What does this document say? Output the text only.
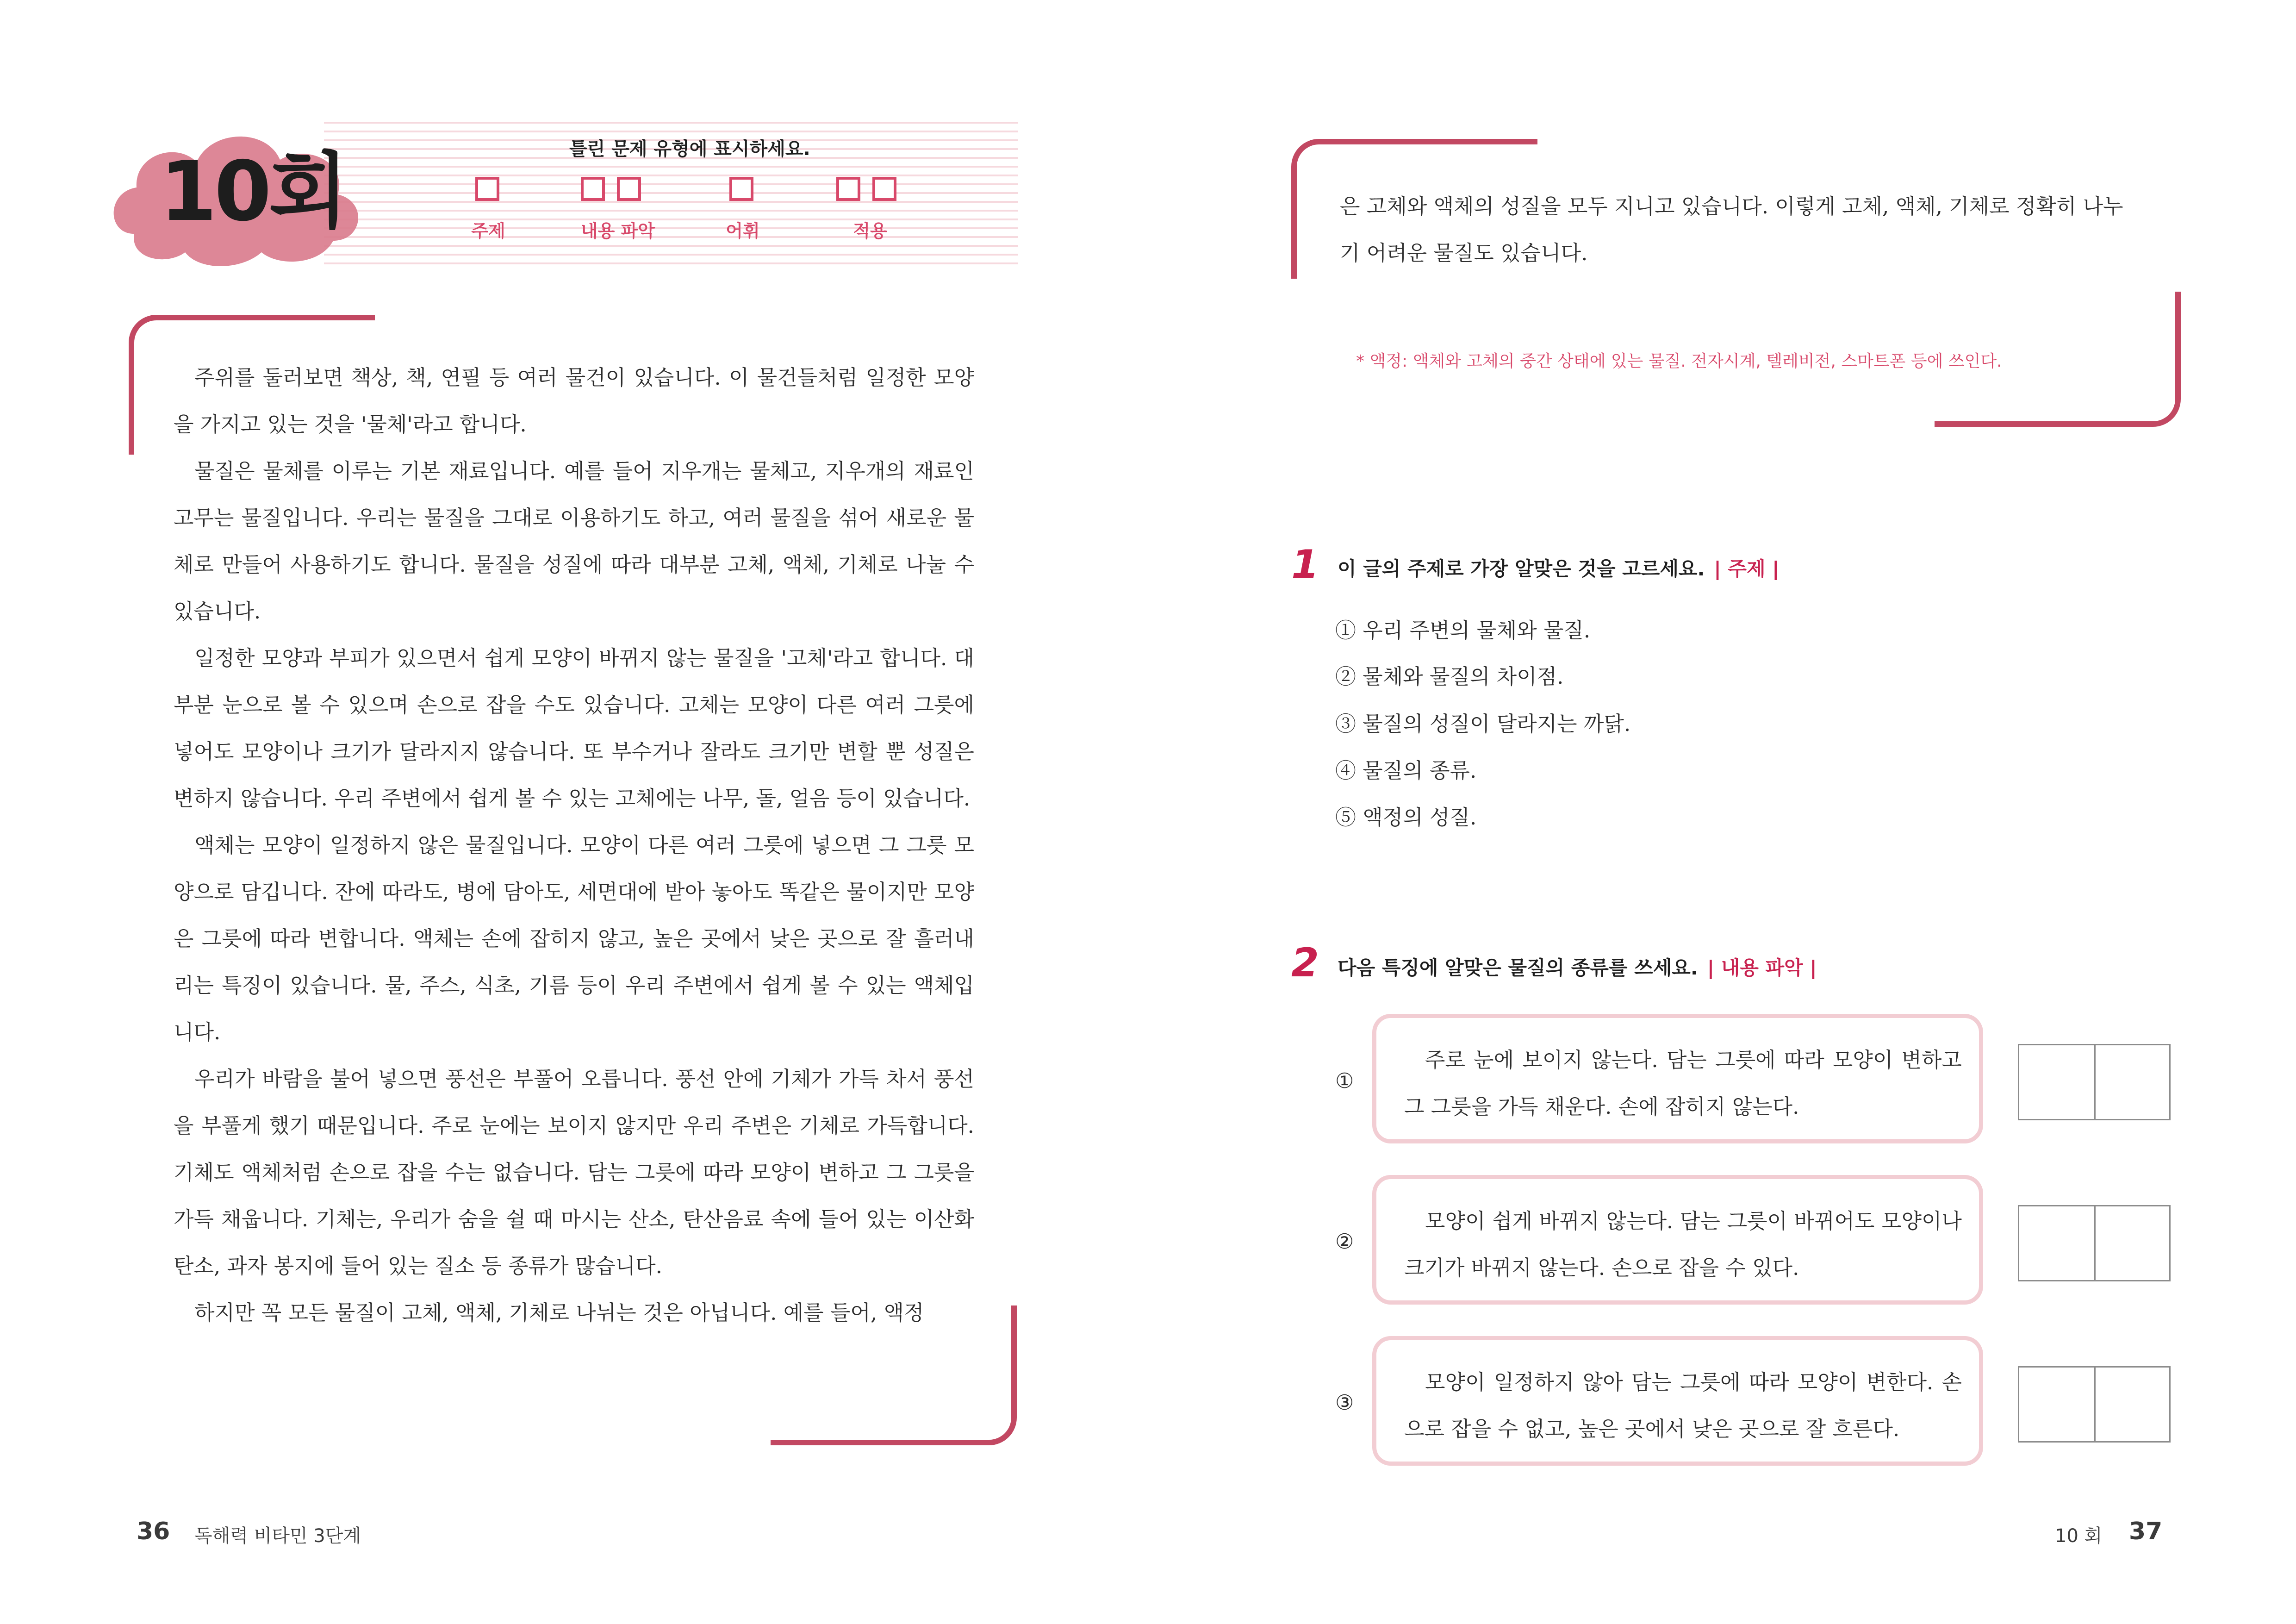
10회	틀린 문제 유형에 표시하세요.
주제	내용 파악	어휘	적용

주위를 둘러보면 책상, 책, 연필 등 여러 물건이 있습니다. 이 물건들처럼 일정한 모양을 가지고 있는 것을 '물체'라고 합니다.

물질은 물체를 이루는 기본 재료입니다. 예를 들어 지우개는 물체고, 지우개의 재료인 고무는 물질입니다. 우리는 물질을 그대로 이용하기도 하고, 여러 물질을 섞어 새로운 물체로 만들어 사용하기도 합니다. 물질을 성질에 따라 대부분 고체, 액체, 기체로 나눌 수 있습니다.

일정한 모양과 부피가 있으면서 쉽게 모양이 바뀌지 않는 물질을 '고체'라고 합니다. 대부분 눈으로 볼 수 있으며 손으로 잡을 수도 있습니다. 고체는 모양이 다른 여러 그릇에 넣어도 모양이나 크기가 달라지지 않습니다. 또 부수거나 잘라도 크기만 변할 뿐 성질은 변하지 않습니다. 우리 주변에서 쉽게 볼 수 있는 고체에는 나무, 돌, 얼음 등이 있습니다.

액체는 모양이 일정하지 않은 물질입니다. 모양이 다른 여러 그릇에 넣으면 그 그릇 모양으로 담깁니다. 잔에 따라도, 병에 담아도, 세면대에 받아 놓아도 똑같은 물이지만 모양은 그릇에 따라 변합니다. 액체는 손에 잡히지 않고, 높은 곳에서 낮은 곳으로 잘 흘러내리는 특징이 있습니다. 물, 주스, 식초, 기름 등이 우리 주변에서 쉽게 볼 수 있는 액체입니다.

우리가 바람을 불어 넣으면 풍선은 부풀어 오릅니다. 풍선 안에 기체가 가득 차서 풍선을 부풀게 했기 때문입니다. 주로 눈에는 보이지 않지만 우리 주변은 기체로 가득합니다. 기체도 액체처럼 손으로 잡을 수는 없습니다. 담는 그릇에 따라 모양이 변하고 그 그릇을 가득 채웁니다. 기체는, 우리가 숨을 쉴 때 마시는 산소, 탄산음료 속에 들어 있는 이산화탄소, 과자 봉지에 들어 있는 질소 등 종류가 많습니다.

하지만 꼭 모든 물질이 고체, 액체, 기체로 나뉘는 것은 아닙니다. 예를 들어, 액정

은 고체와 액체의 성질을 모두 지니고 있습니다. 이렇게 고체, 액체, 기체로 정확히 나누기 어려운 물질도 있습니다.

* 액정: 액체와 고체의 중간 상태에 있는 물질. 전자시계, 텔레비전, 스마트폰 등에 쓰인다.
1 이 글의 주제로 가장 알맞은 것을 고르세요. | 주제 |
① 우리 주변의 물체와 물질.
② 물체와 물질의 차이점.
③ 물질의 성질이 달라지는 까닭.
④ 물질의 종류.
⑤ 액정의 성질.
2 다음 특징에 알맞은 물질의 종류를 쓰세요. | 내용 파악 |
①
주로 눈에 보이지 않는다. 담는 그릇에 따라 모양이 변하고 그 그릇을 가득 채운다. 손에 잡히지 않는다.
②
모양이 쉽게 바뀌지 않는다. 담는 그릇이 바뀌어도 모양이나 크기가 바뀌지 않는다. 손으로 잡을 수 있다.
③
모양이 일정하지 않아 담는 그릇에 따라 모양이 변한다. 손으로 잡을 수 없고, 높은 곳에서 낮은 곳으로 잘 흐른다.
36 독해력 비타민 3단계	10 회 37
